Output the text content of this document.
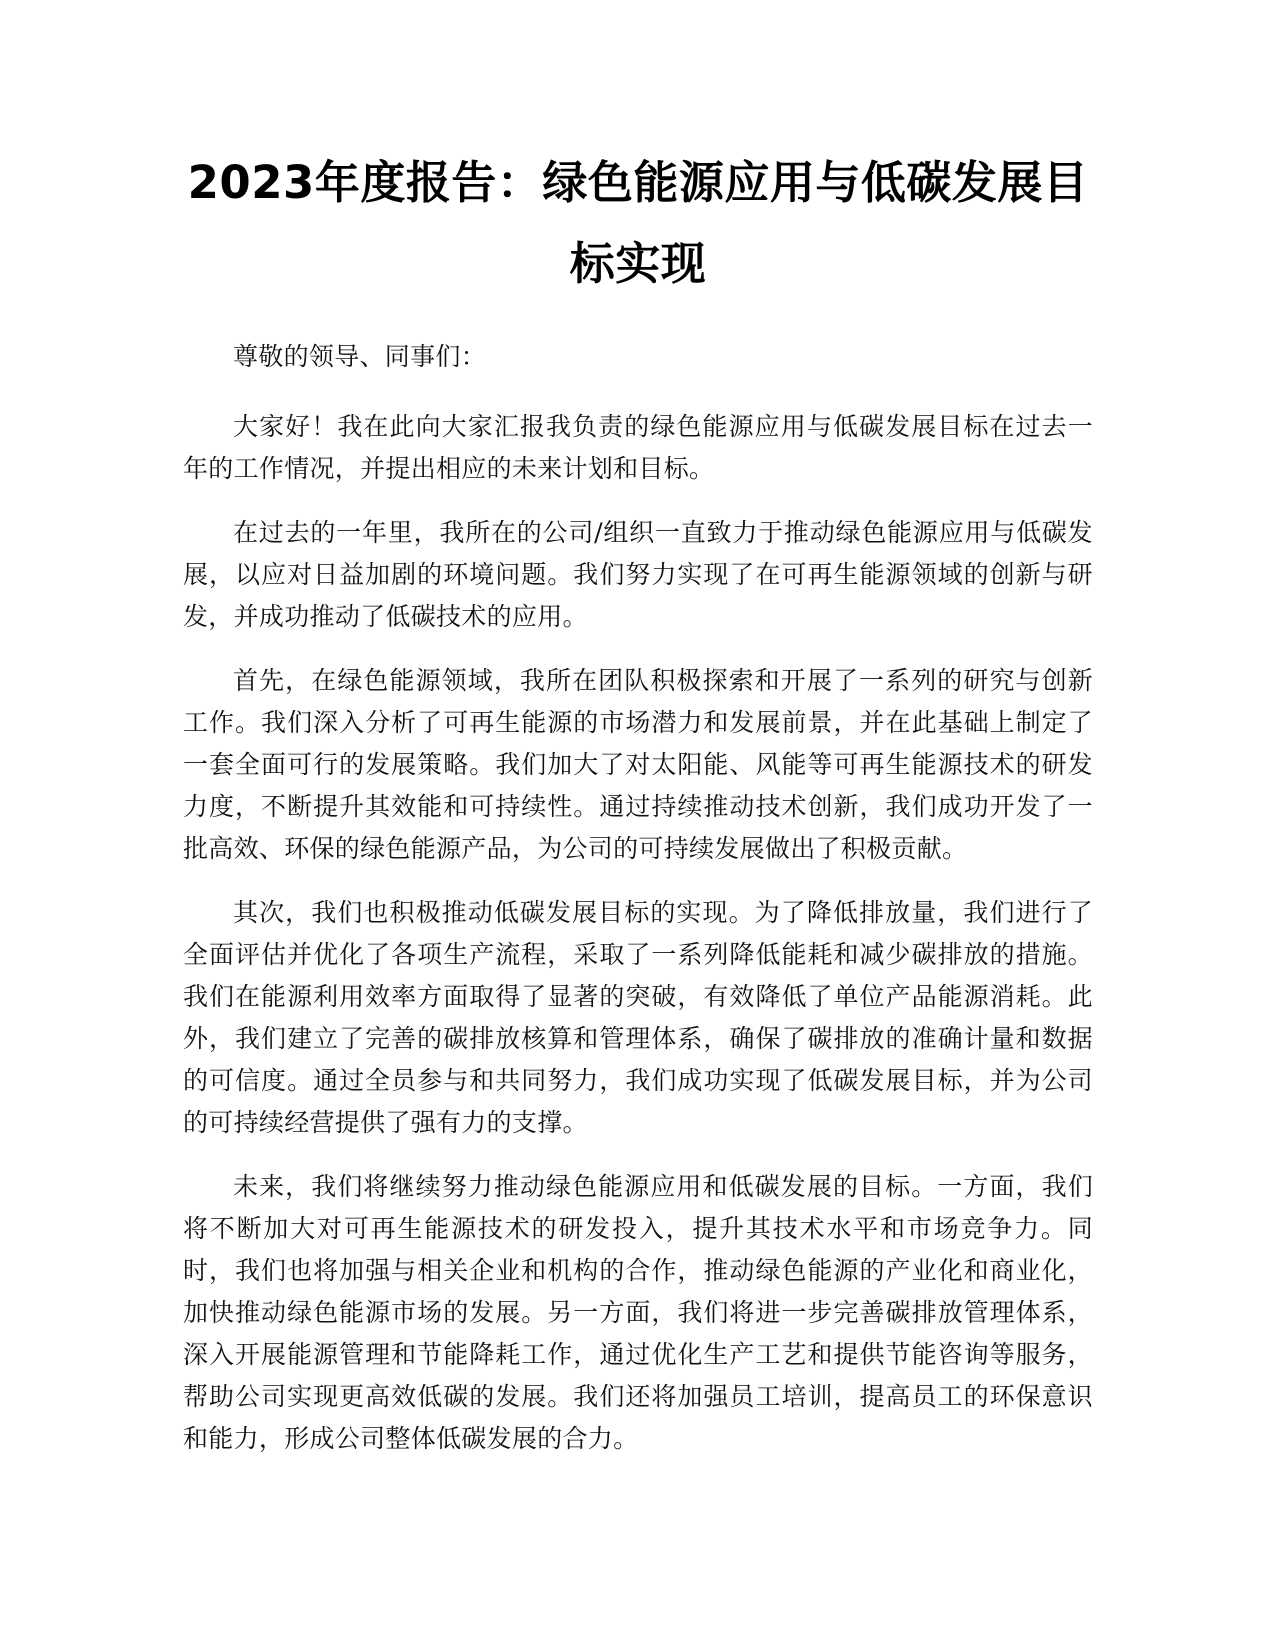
2023年度报告：绿色能源应用与低碳发展目标实现

尊敬的领导、同事们：

大家好！我在此向大家汇报我负责的绿色能源应用与低碳发展目标在过去一年的工作情况，并提出相应的未来计划和目标。

在过去的一年里，我所在的公司/组织一直致力于推动绿色能源应用与低碳发展，以应对日益加剧的环境问题。我们努力实现了在可再生能源领域的创新与研发，并成功推动了低碳技术的应用。

首先，在绿色能源领域，我所在团队积极探索和开展了一系列的研究与创新工作。我们深入分析了可再生能源的市场潜力和发展前景，并在此基础上制定了一套全面可行的发展策略。我们加大了对太阳能、风能等可再生能源技术的研发力度，不断提升其效能和可持续性。通过持续推动技术创新，我们成功开发了一批高效、环保的绿色能源产品，为公司的可持续发展做出了积极贡献。

其次，我们也积极推动低碳发展目标的实现。为了降低排放量，我们进行了全面评估并优化了各项生产流程，采取了一系列降低能耗和减少碳排放的措施。我们在能源利用效率方面取得了显著的突破，有效降低了单位产品能源消耗。此外，我们建立了完善的碳排放核算和管理体系，确保了碳排放的准确计量和数据的可信度。通过全员参与和共同努力，我们成功实现了低碳发展目标，并为公司的可持续经营提供了强有力的支撑。

未来，我们将继续努力推动绿色能源应用和低碳发展的目标。一方面，我们将不断加大对可再生能源技术的研发投入，提升其技术水平和市场竞争力。同时，我们也将加强与相关企业和机构的合作，推动绿色能源的产业化和商业化，加快推动绿色能源市场的发展。另一方面，我们将进一步完善碳排放管理体系，深入开展能源管理和节能降耗工作，通过优化生产工艺和提供节能咨询等服务，帮助公司实现更高效低碳的发展。我们还将加强员工培训，提高员工的环保意识和能力，形成公司整体低碳发展的合力。
